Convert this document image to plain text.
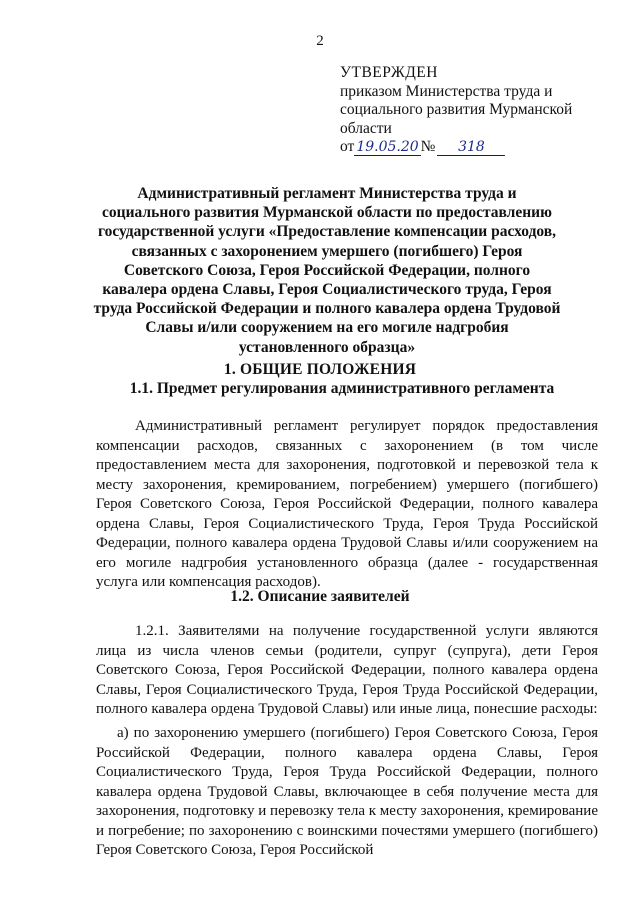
2
УТВЕРЖДЕН
приказом Министерства труда и
социального развития Мурманской
области
от 19.05.20 №	318
Административный регламент Министерства труда и социального развития Мурманской области по предоставлению государственной услуги «Предоставление компенсации расходов, связанных с захоронением умершего (погибшего) Героя Советского Союза, Героя Российской Федерации, полного кавалера ордена Славы, Героя Социалистического труда, Героя труда Российской Федерации и полного кавалера ордена Трудовой Славы и/или сооружением на его могиле надгробия установленного образца»
1. ОБЩИЕ ПОЛОЖЕНИЯ
1.1. Предмет регулирования административного регламента
Административный регламент регулирует порядок предоставления компенсации расходов, связанных с захоронением (в том числе предоставлением места для захоронения, подготовкой и перевозкой тела к месту захоронения, кремированием, погребением) умершего (погибшего) Героя Советского Союза, Героя Российской Федерации, полного кавалера ордена Славы, Героя Социалистического Труда, Героя Труда Российской Федерации, полного кавалера ордена Трудовой Славы и/или сооружением на его могиле надгробия установленного образца (далее - государственная услуга или компенсация расходов).
1.2. Описание заявителей
1.2.1. Заявителями на получение государственной услуги являются лица из числа членов семьи (родители, супруг (супруга), дети Героя Советского Союза, Героя Российской Федерации, полного кавалера ордена Славы, Героя Социалистического Труда, Героя Труда Российской Федерации, полного кавалера ордена Трудовой Славы) или иные лица, понесшие расходы:
а) по захоронению умершего (погибшего) Героя Советского Союза, Героя Российской Федерации, полного кавалера ордена Славы, Героя Социалистического Труда, Героя Труда Российской Федерации, полного кавалера ордена Трудовой Славы, включающее в себя получение места для захоронения, подготовку и перевозку тела к месту захоронения, кремирование и погребение; по захоронению с воинскими почестями умершего (погибшего) Героя Советского Союза, Героя Российской
